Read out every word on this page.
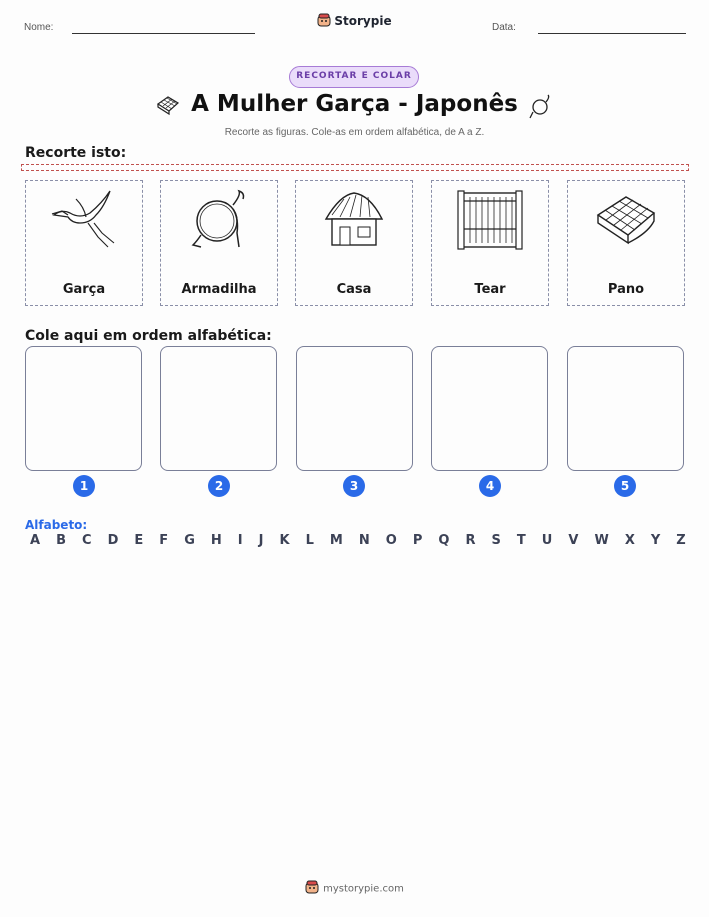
Nome:	Storypie	Data:
RECORTAR E COLAR
A Mulher Garça - Japonês
Recorte as figuras. Cole-as em ordem alfabética, de A a Z.
Recorte isto:
Garça	Armadilha	Casa	Tear	Pano
Cole aqui em ordem alfabética:
1	2	3	4	5
Alfabeto:
A B C D E F G H I J K L M N O P Q R S T U V W X Y Z
mystorypie.com
